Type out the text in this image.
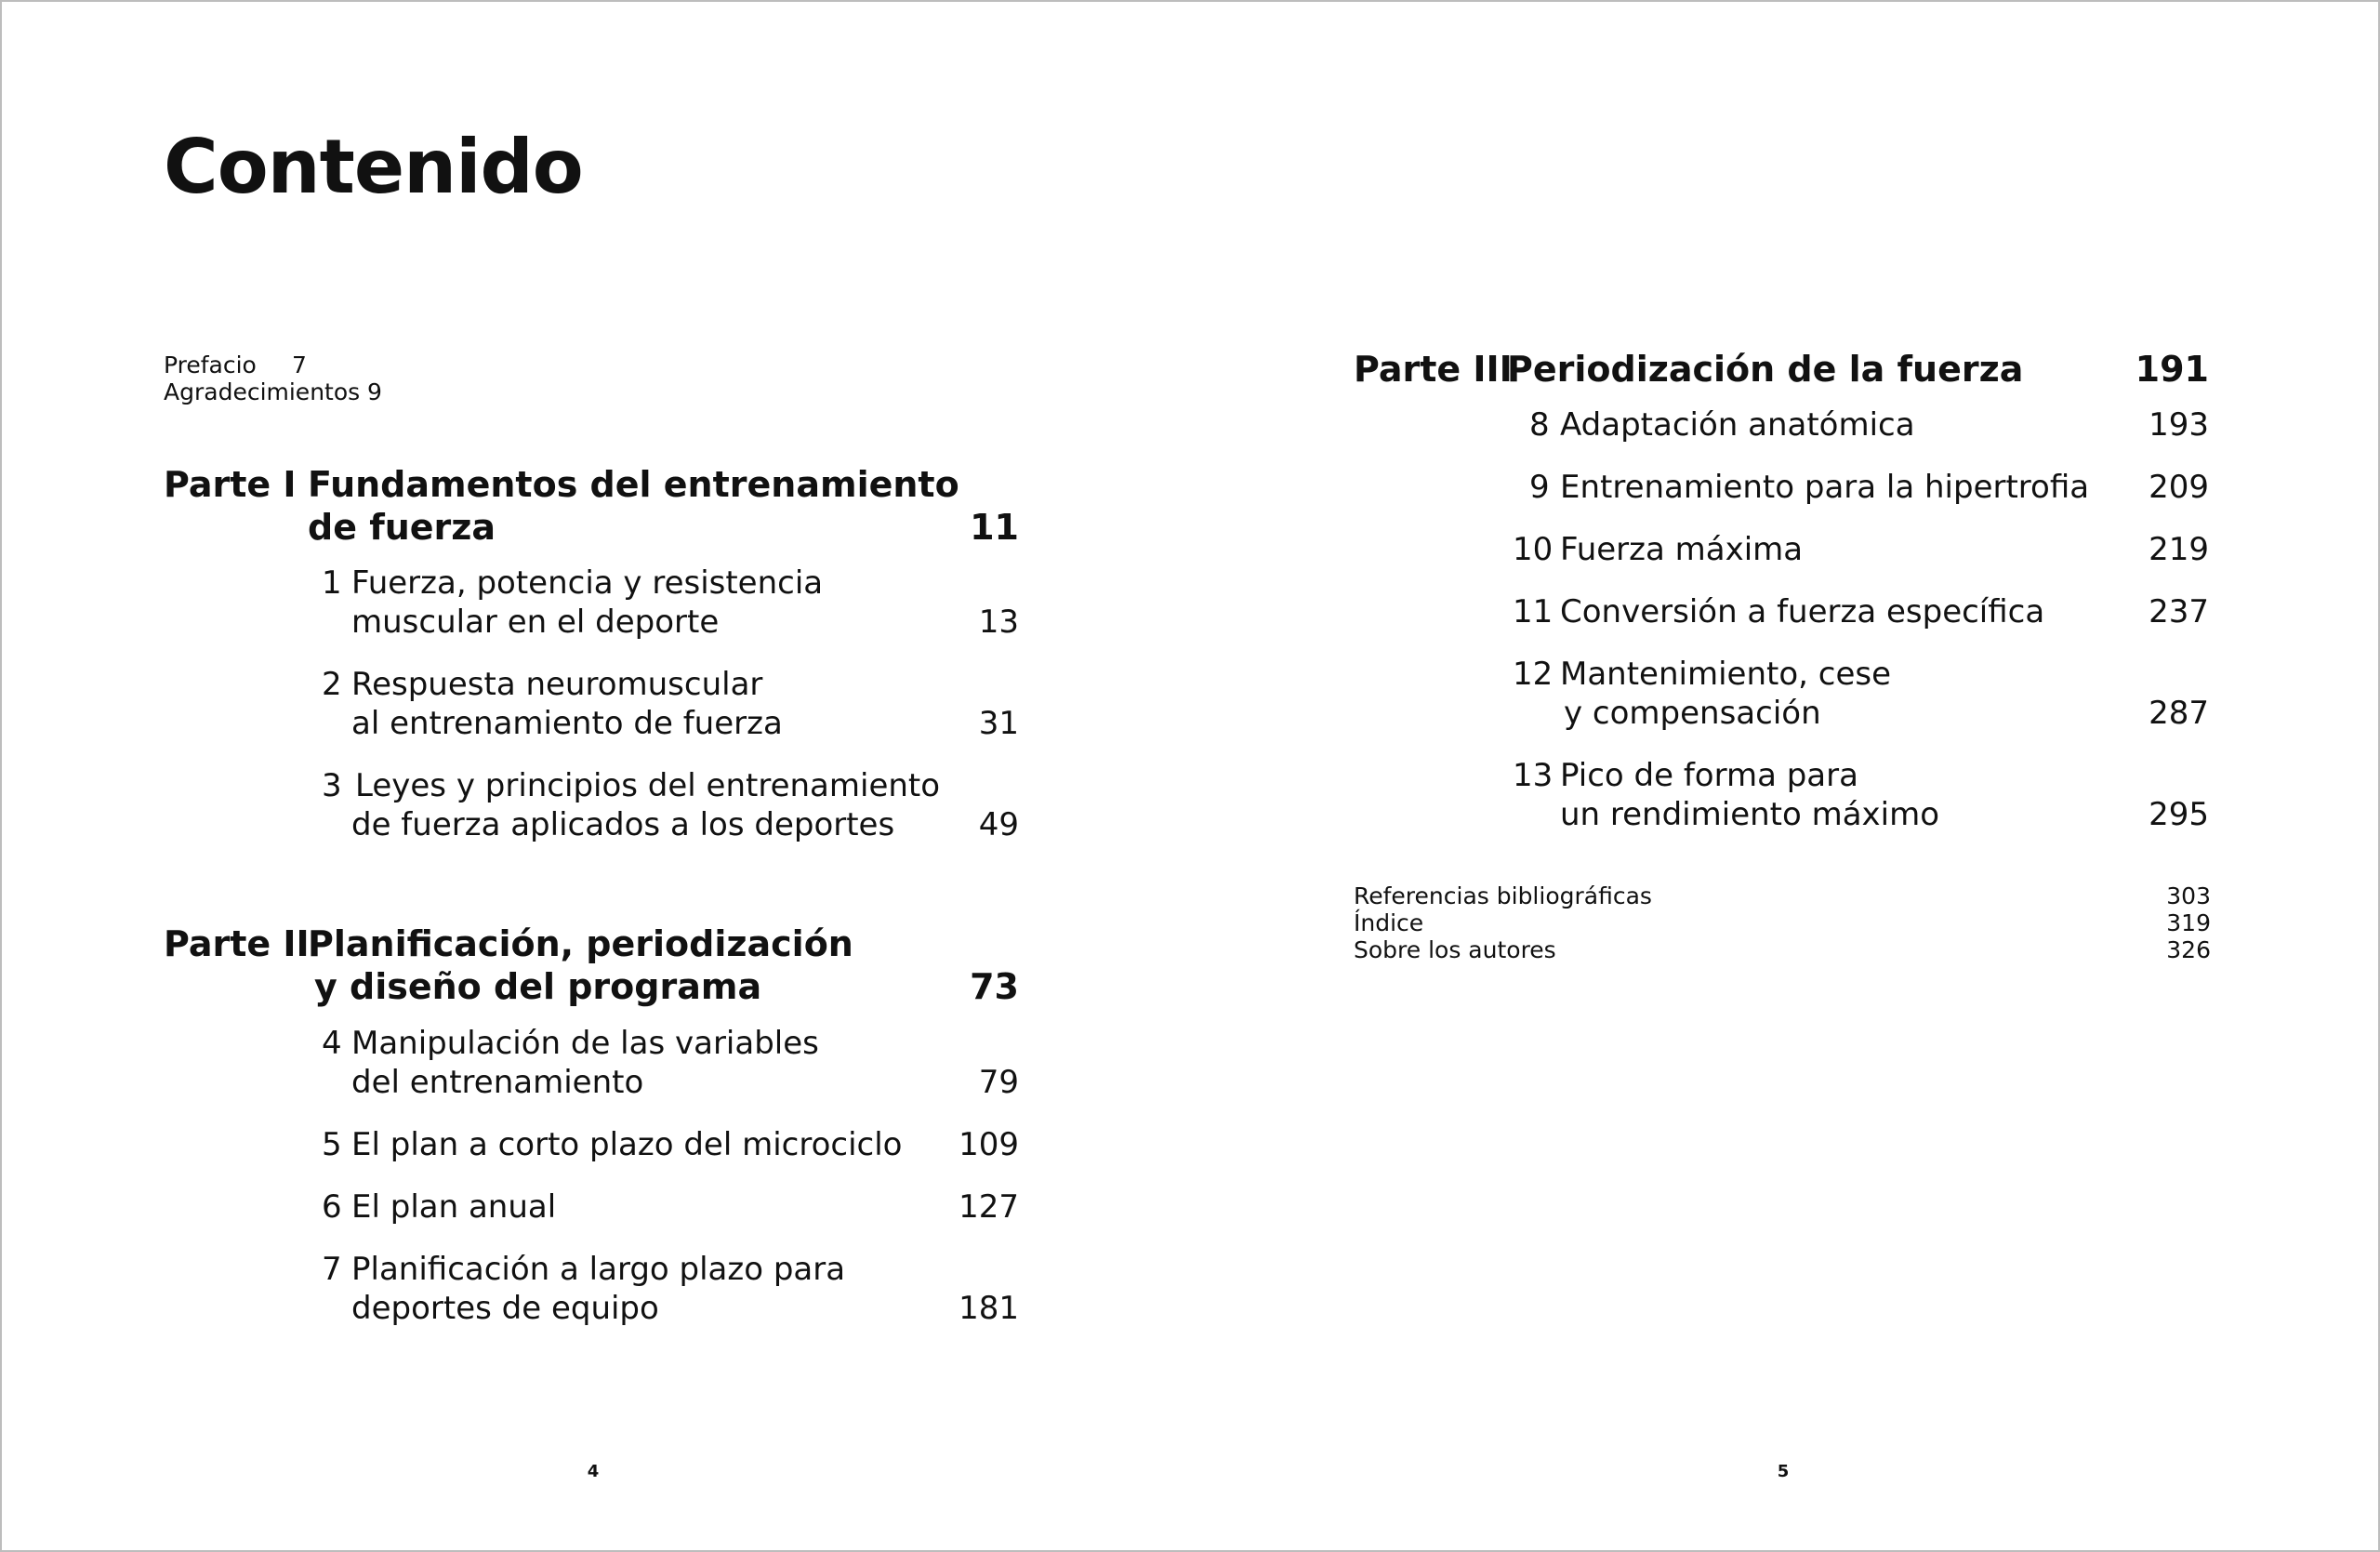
Contenido
Prefacio 7
Agradecimientos 9
Parte I Fundamentos del entrenamiento
de fuerza	11
1 Fuerza, potencia y resistencia
muscular en el deporte	13
2 Respuesta neuromuscular
al entrenamiento de fuerza	31
3 Leyes y principios del entrenamiento
de fuerza aplicados a los deportes	49
Parte II
Planificación, periodización
y diseño del programa	73
4 Manipulación de las variables
del entrenamiento	79
5 El plan a corto plazo del microciclo	109
6 El plan anual	127
7 Planificación a largo plazo para
deportes de equipo	181
Parte III
Periodización de la fuerza	191
8 Adaptación anatómica	193
9 Entrenamiento para la hipertrofia	209
10 Fuerza máxima	219
11 Conversión a fuerza específica	237
12 Mantenimiento, cese
y compensación	287
13 Pico de forma para
un rendimiento máximo	295
Referencias bibliográficas	303
Índice	319
Sobre los autores	326
4	5
